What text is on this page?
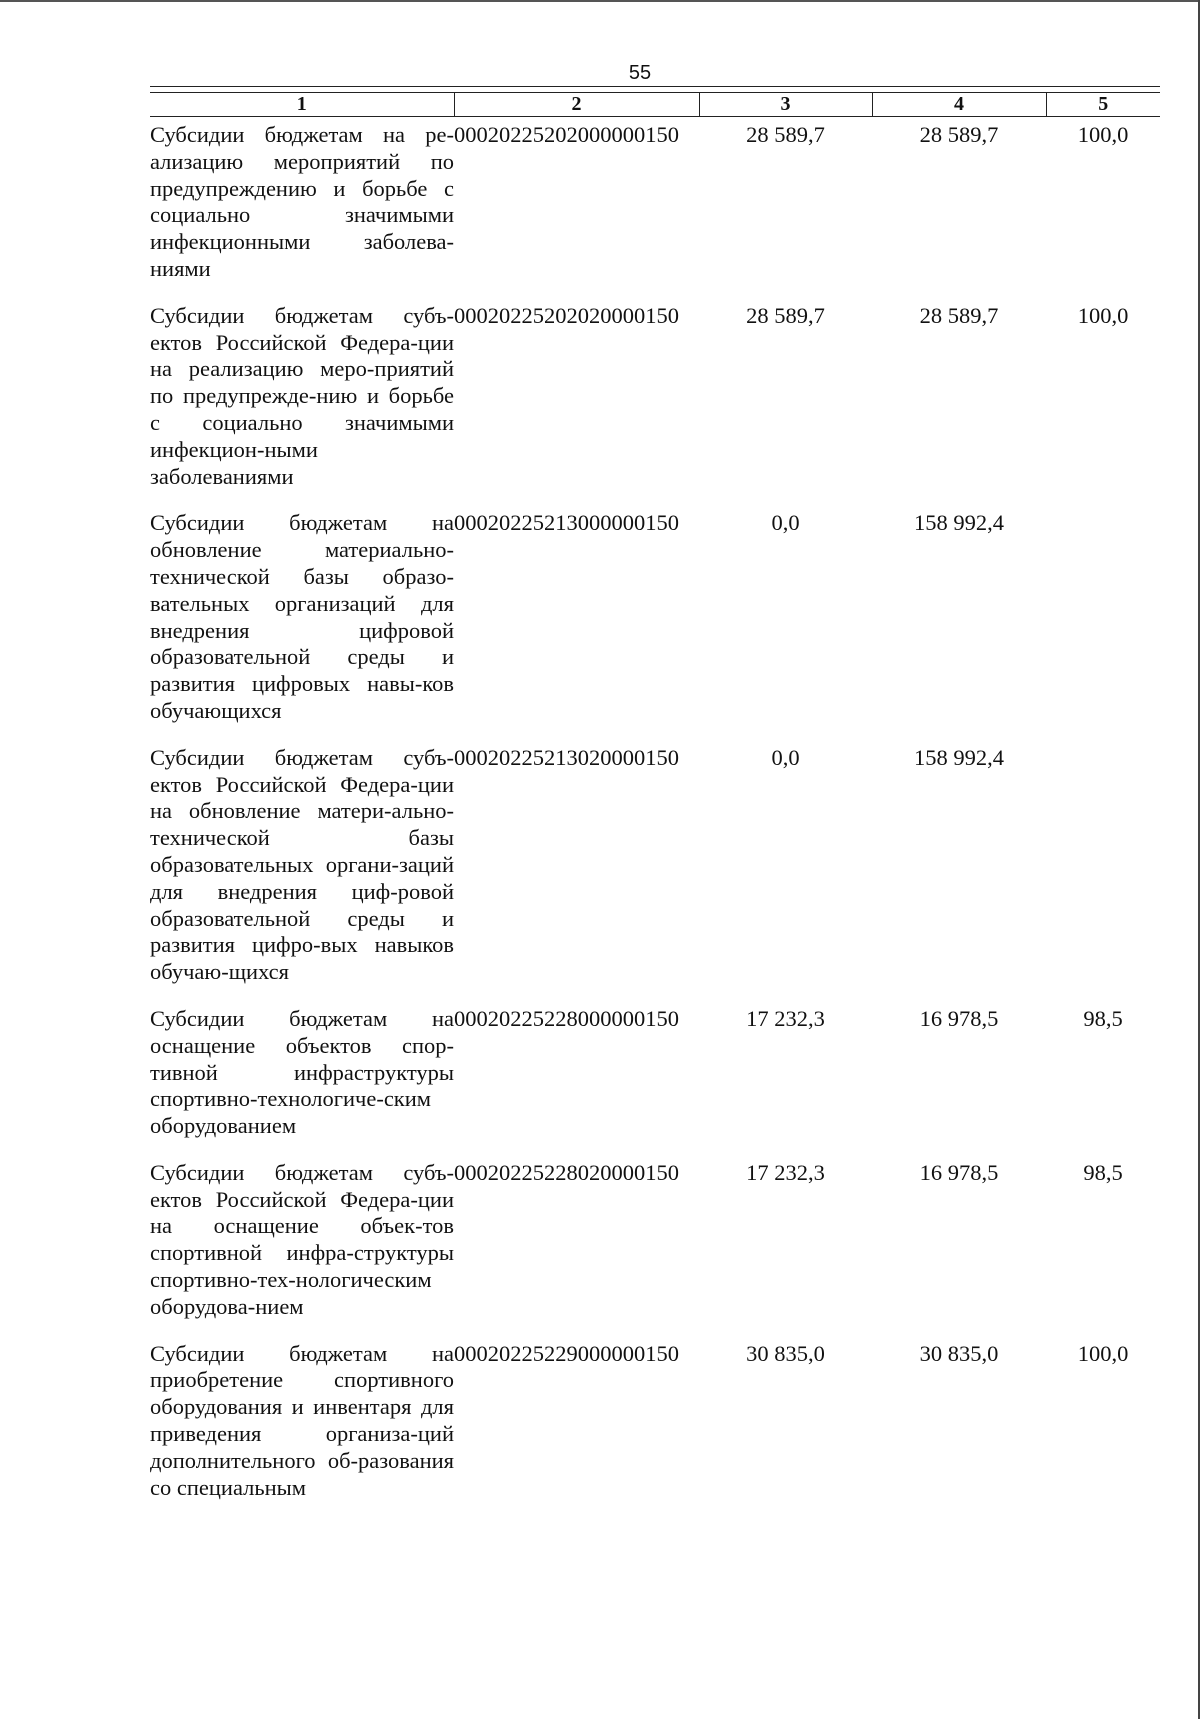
55
1	2	3	4	5

Субсидии бюджетам на ре-ализацию мероприятий по предупреждению и борьбе с социально значимыми инфекционными заболева-ниями	00020225202000000150	28 589,7	28 589,7	100,0

Субсидии бюджетам субъ-ектов Российской Федера-ции на реализацию меро-приятий по предупрежде-нию и борьбе с социально значимыми инфекцион-ными заболеваниями	00020225202020000150	28 589,7	28 589,7	100,0

Субсидии бюджетам на обновление материально-технической базы образо-вательных организаций для внедрения цифровой образовательной среды и развития цифровых навы-ков обучающихся	00020225213000000150	0,0	158 992,4	

Субсидии бюджетам субъ-ектов Российской Федера-ции на обновление матери-ально-технической базы образовательных органи-заций для внедрения циф-ровой образовательной среды и развития цифро-вых навыков обучаю-щихся	00020225213020000150	0,0	158 992,4	

Субсидии бюджетам на оснащение объектов спор-тивной инфраструктуры спортивно-технологиче-ским оборудованием	00020225228000000150	17 232,3	16 978,5	98,5

Субсидии бюджетам субъ-ектов Российской Федера-ции на оснащение объек-тов спортивной инфра-структуры спортивно-тех-нологическим оборудова-нием	00020225228020000150	17 232,3	16 978,5	98,5

Субсидии бюджетам на приобретение спортивного оборудования и инвентаря для приведения организа-ций дополнительного об-разования со специальным	00020225229000000150	30 835,0	30 835,0	100,0
